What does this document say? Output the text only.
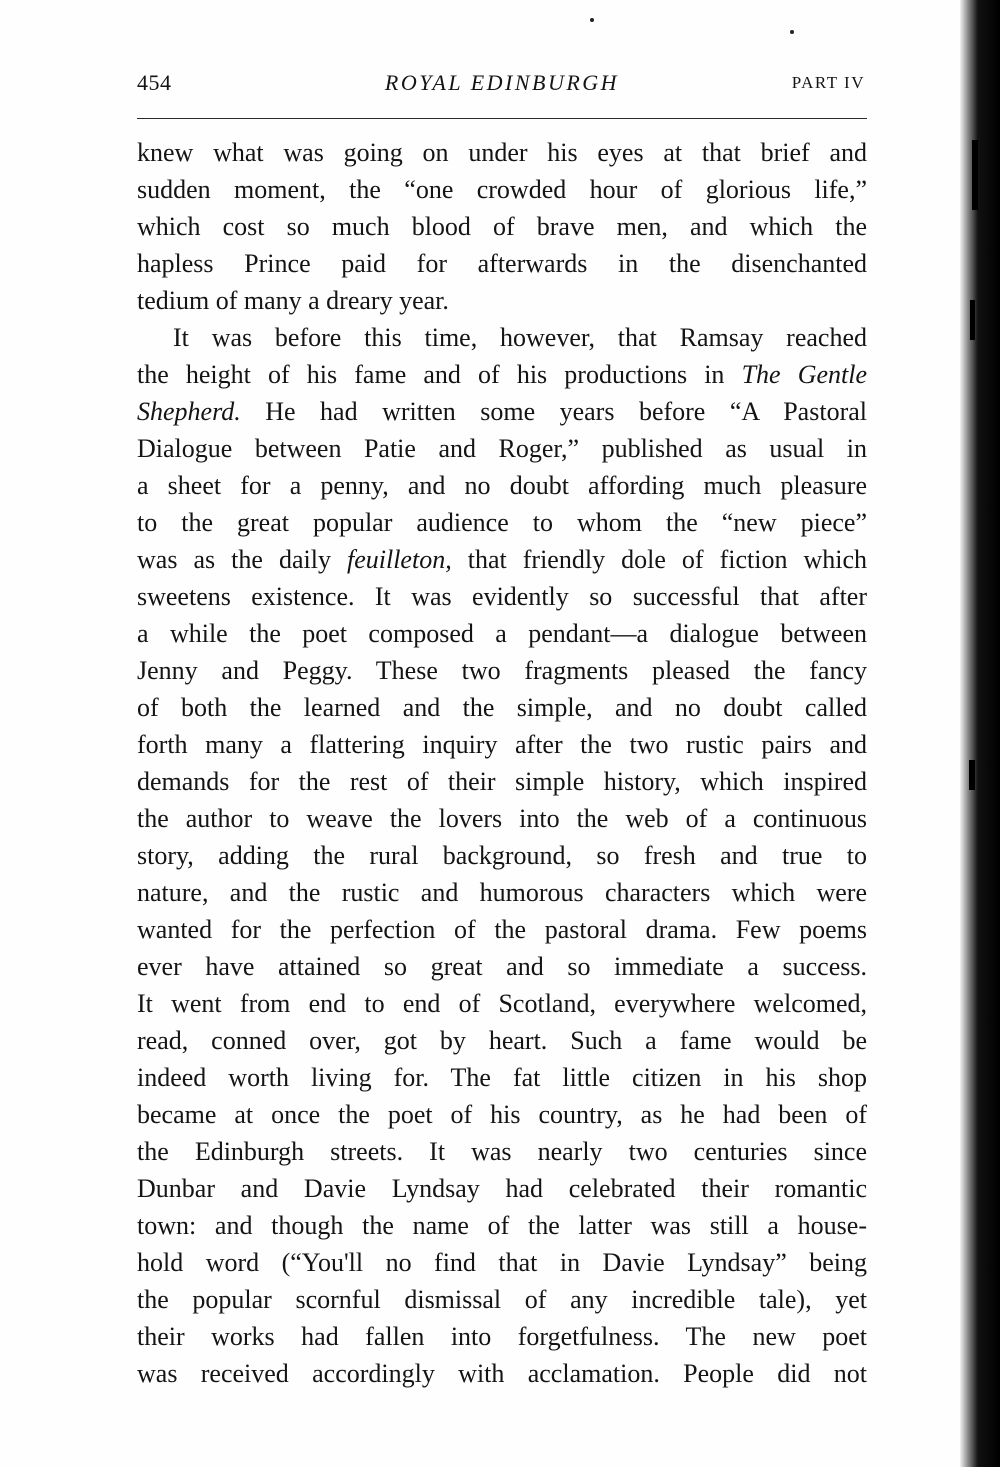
454	ROYAL EDINBURGH	PART IV
knew what was going on under his eyes at that brief and
sudden moment, the “one crowded hour of glorious life,”
which cost so much blood of brave men, and which the
hapless Prince paid for afterwards in the disenchanted
tedium of many a dreary year.
It was before this time, however, that Ramsay reached
the height of his fame and of his productions in The Gentle
Shepherd. He had written some years before “A Pastoral
Dialogue between Patie and Roger,” published as usual in
a sheet for a penny, and no doubt affording much pleasure
to the great popular audience to whom the “new piece”
was as the daily feuilleton, that friendly dole of fiction which
sweetens existence. It was evidently so successful that after
a while the poet composed a pendant—a dialogue between
Jenny and Peggy. These two fragments pleased the fancy
of both the learned and the simple, and no doubt called
forth many a flattering inquiry after the two rustic pairs and
demands for the rest of their simple history, which inspired
the author to weave the lovers into the web of a continuous
story, adding the rural background, so fresh and true to
nature, and the rustic and humorous characters which were
wanted for the perfection of the pastoral drama. Few poems
ever have attained so great and so immediate a success.
It went from end to end of Scotland, everywhere welcomed,
read, conned over, got by heart. Such a fame would be
indeed worth living for. The fat little citizen in his shop
became at once the poet of his country, as he had been of
the Edinburgh streets. It was nearly two centuries since
Dunbar and Davie Lyndsay had celebrated their romantic
town: and though the name of the latter was still a house-
hold word (“You'll no find that in Davie Lyndsay” being
the popular scornful dismissal of any incredible tale), yet
their works had fallen into forgetfulness. The new poet
was received accordingly with acclamation. People did not
